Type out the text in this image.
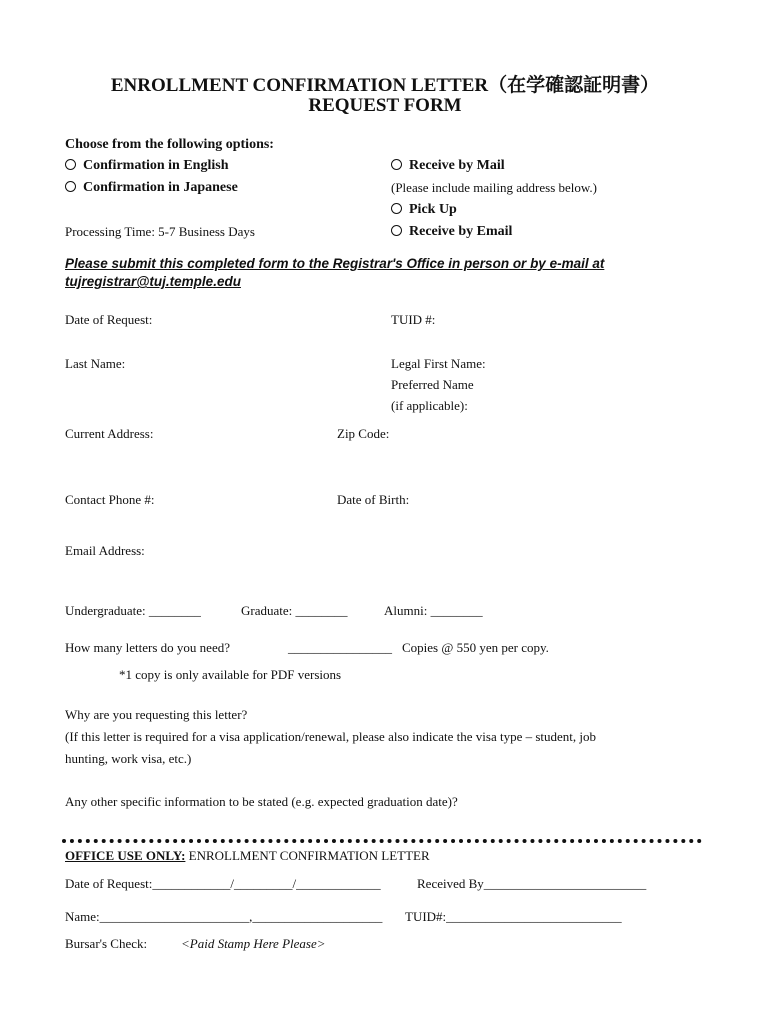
ENROLLMENT CONFIRMATION LETTER（在学確認証明書）
REQUEST FORM
Choose from the following options:
Confirmation in English
Confirmation in Japanese
Processing Time: 5-7 Business Days
Receive by Mail
(Please include mailing address below.)
Pick Up
Receive by Email
Please submit this completed form to the Registrar's Office in person or by e-mail at
tujregistrar@tuj.temple.edu
Date of Request:	TUID #:
Last Name:	Legal First Name:
Preferred Name
(if applicable):
Current Address:	Zip Code:
Contact Phone #:	Date of Birth:
Email Address:
Undergraduate: ________	Graduate: ________	Alumni: ________
How many letters do you need?	________________ Copies @ 550 yen per copy.
*1 copy is only available for PDF versions
Why are you requesting this letter?
(If this letter is required for a visa application/renewal, please also indicate the visa type – student, job
hunting, work visa, etc.)
Any other specific information to be stated (e.g. expected graduation date)?
OFFICE USE ONLY: ENROLLMENT CONFIRMATION LETTER
Date of Request:____________/_________/_____________	Received By_________________________
Name:_______________________,____________________ TUID#:___________________________
Bursar's Check:	<Paid Stamp Here Please>
